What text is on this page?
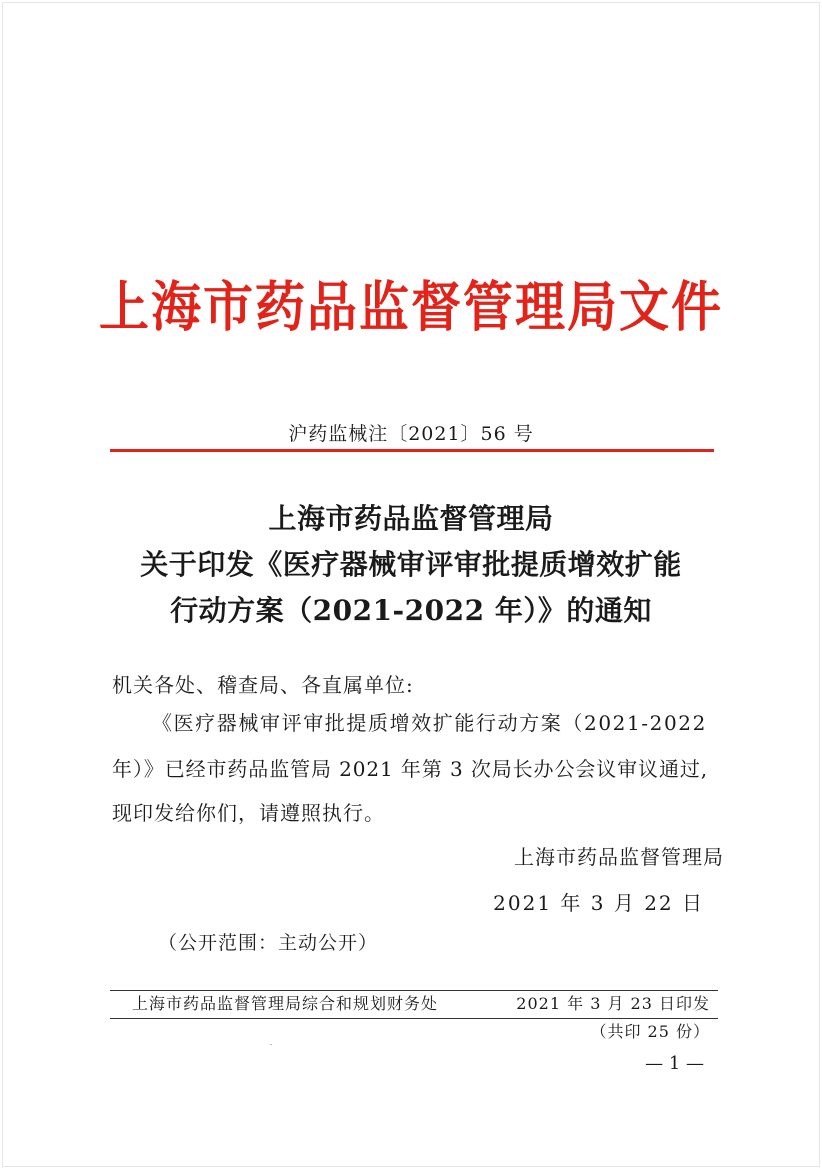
上海市药品监督管理局文件
沪药监械注〔2021〕56 号
上海市药品监督管理局
关于印发《医疗器械审评审批提质增效扩能
行动方案（2021-2022 年）》的通知
机关各处、稽查局、各直属单位:
《医疗器械审评审批提质增效扩能行动方案（2021-2022
年）》已经市药品监管局 2021 年第 3 次局长办公会议审议通过,
现印发给你们，请遵照执行。
上海市药品监督管理局
2021 年 3 月 22 日
（公开范围：主动公开）
上海市药品监督管理局综合和规划财务处	2021 年 3 月 23 日印发
（共印 25 份）
— 1 —
